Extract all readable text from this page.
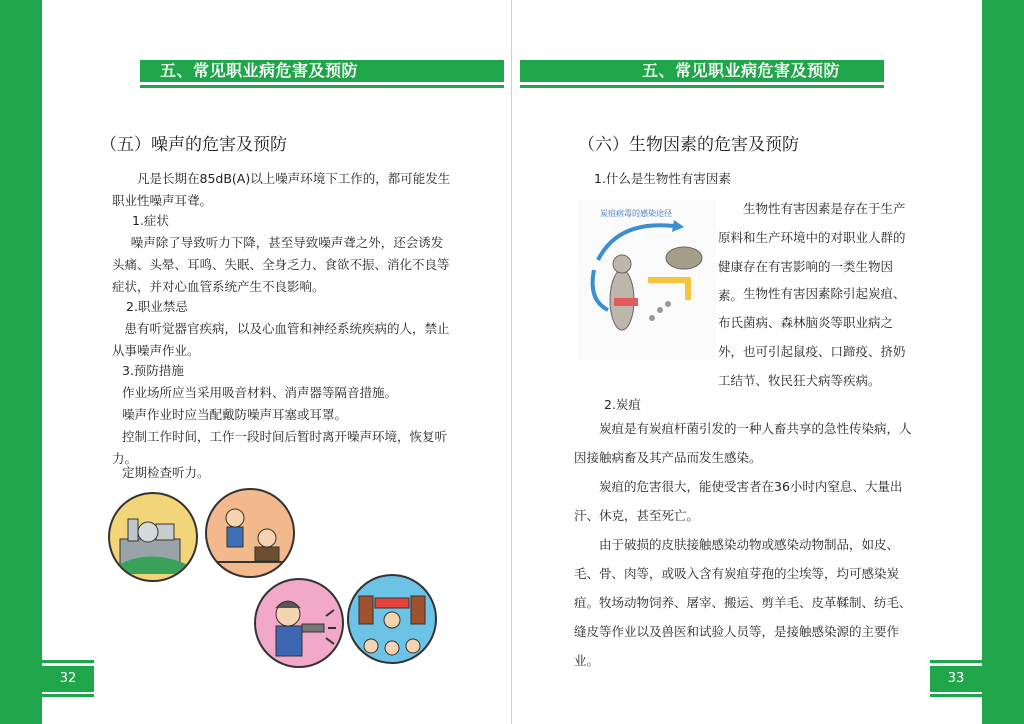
五、常见职业病危害及预防	五、常见职业病危害及预防
（五）噪声的危害及预防
凡是长期在85dB(A)以上噪声环境下工作的，都可能发生职业性噪声耳聋。
1.症状
噪声除了导致听力下降，甚至导致噪声聋之外，还会诱发头痛、头晕、耳鸣、失眠、全身乏力、食欲不振、消化不良等症状，并对心血管系统产生不良影响。
2.职业禁忌
患有听觉器官疾病，以及心血管和神经系统疾病的人，禁止从事噪声作业。
3.预防措施
作业场所应当采用吸音材料、消声器等隔音措施。
噪声作业时应当配戴防噪声耳塞或耳罩。
控制工作时间，工作一段时间后暂时离开噪声环境，恢复听力。
定期检查听力。
（六）生物因素的危害及预防
1.什么是生物性有害因素
炭疽病毒的感染途径	生物性有害因素是存在于生产原料和生产环境中的对职业人群的健康存在有害影响的一类生物因素。 生物性有害因素除引起炭疽、布氏菌病、森林脑炎等职业病之外，也可引起鼠疫、口蹄疫、挤奶工结节、牧民狂犬病等疾病。
2.炭疽
炭疽是有炭疽杆菌引发的一种人畜共享的急性传染病，人因接触病畜及其产品而发生感染。
炭疽的危害很大，能使受害者在36小时内窒息、大量出汗、休克，甚至死亡。
由于破损的皮肤接触感染动物或感染动物制品，如皮、毛、骨、肉等，或吸入含有炭疽芽孢的尘埃等，均可感染炭疽。 牧场动物饲养、屠宰、搬运、剪羊毛、皮革鞣制、纺毛、缝皮等作业以及兽医和试验人员等，是接触感染源的主要作业。
32	33
